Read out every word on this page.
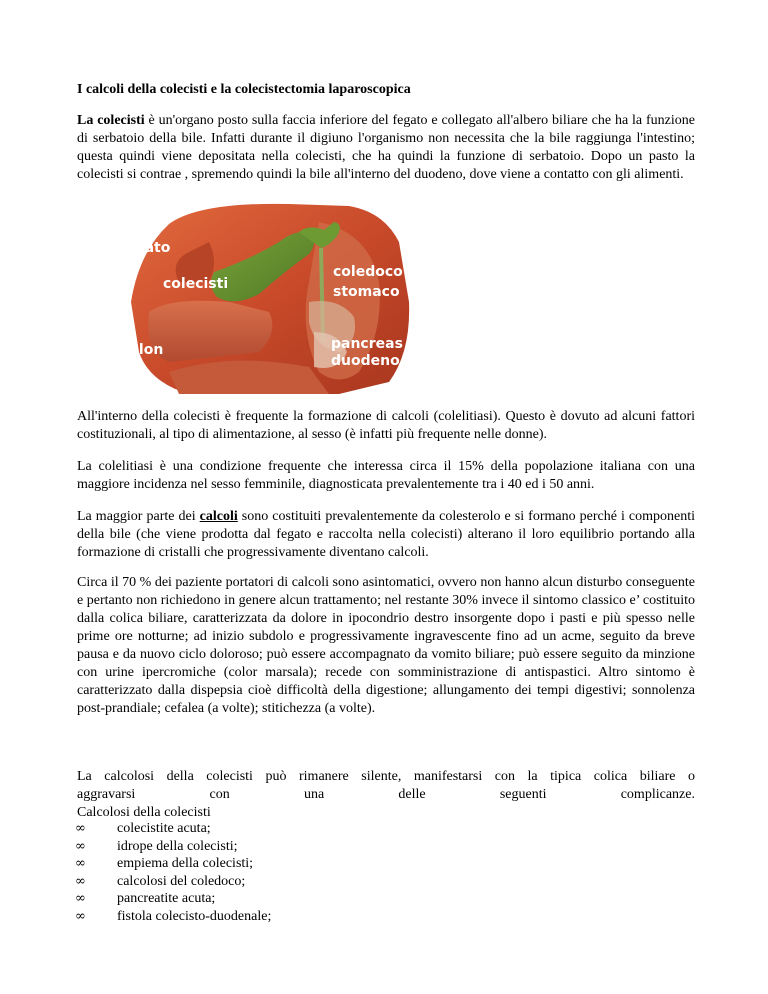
I calcoli della colecisti e la colecistectomia laparoscopica

La colecisti è un'organo posto sulla faccia inferiore del fegato e collegato all'albero biliare che ha la funzione di serbatoio della bile. Infatti durante il digiuno l'organismo non necessita che la bile raggiunga l'intestino; questa quindi viene depositata nella colecisti, che ha quindi la funzione di serbatoio. Dopo un pasto la colecisti si contrae , spremendo quindi la bile all'interno del duodeno, dove viene a contatto con gli alimenti.

fegato
colecisti
coledoco
stomaco
colon	pancreas
duodeno

All'interno della colecisti è frequente la formazione di calcoli (colelitiasi). Questo è dovuto ad alcuni fattori costituzionali, al tipo di alimentazione, al sesso (è infatti più frequente nelle donne).

La colelitiasi è una condizione frequente che interessa circa il 15% della popolazione italiana con una maggiore incidenza nel sesso femminile, diagnosticata prevalentemente tra i 40 ed i 50 anni.

La maggior parte dei calcoli sono costituiti prevalentemente da colesterolo e si formano perché i componenti della bile (che viene prodotta dal fegato e raccolta nella colecisti) alterano il loro equilibrio portando alla formazione di cristalli che progressivamente diventano calcoli.

Circa il 70 % dei paziente portatori di calcoli sono asintomatici, ovvero non hanno alcun disturbo conseguente e pertanto non richiedono in genere alcun trattamento; nel restante 30% invece il sintomo classico e’ costituito dalla colica biliare, caratterizzata da dolore in ipocondrio destro insorgente dopo i pasti e più spesso nelle prime ore notturne; ad inizio subdolo e progressivamente ingravescente fino ad un acme, seguito da breve pausa e da nuovo ciclo doloroso; può essere accompagnato da vomito biliare; può essere seguito da minzione con urine ipercromiche (color marsala); recede con somministrazione di antispastici. Altro sintomo è caratterizzato dalla dispepsia cioè difficoltà della digestione; allungamento dei tempi digestivi; sonnolenza post-prandiale; cefalea (a volte); stitichezza (a volte).

La calcolosi della colecisti può rimanere silente, manifestarsi con la tipica colica biliare o
aggravarsi	con	una	delle	seguenti	complicanze.
Calcolosi della colecisti
∞ colecistite acuta;
∞ idrope della colecisti;
∞ empiema della colecisti;
∞ calcolosi del coledoco;
∞ pancreatite acuta;
∞ fistola colecisto-duodenale;
